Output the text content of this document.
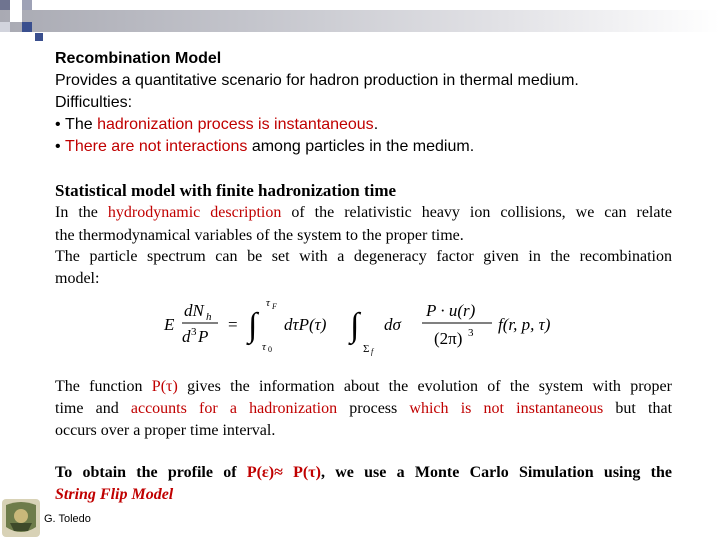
Recombination Model
Provides a quantitative scenario for hadron production in thermal medium.
Difficulties:
• The hadronization process is instantaneous.
• There are not interactions among particles in the medium.
Statistical model with finite hadronization time
In the hydrodynamic description of the relativistic heavy ion collisions, we can relate
the thermodynamical variables of the system to the proper time.
The particle spectrum can be set with a degeneracy factor given in the recombination
model:
E
dN h
d 3 P
= ∫
τ F
τ 0
dτP(τ) ∫
Σ f
dσ
P · u(r)
(2π) 3 f(r, p, τ)
The function P(τ) gives the information about the evolution of the system with proper
time and accounts for a hadronization process which is not instantaneous but that
occurs over a proper time interval.
To obtain the profile of P(ε)≈ P(τ), we use a Monte Carlo Simulation using the
String Flip Model
G. Toledo
